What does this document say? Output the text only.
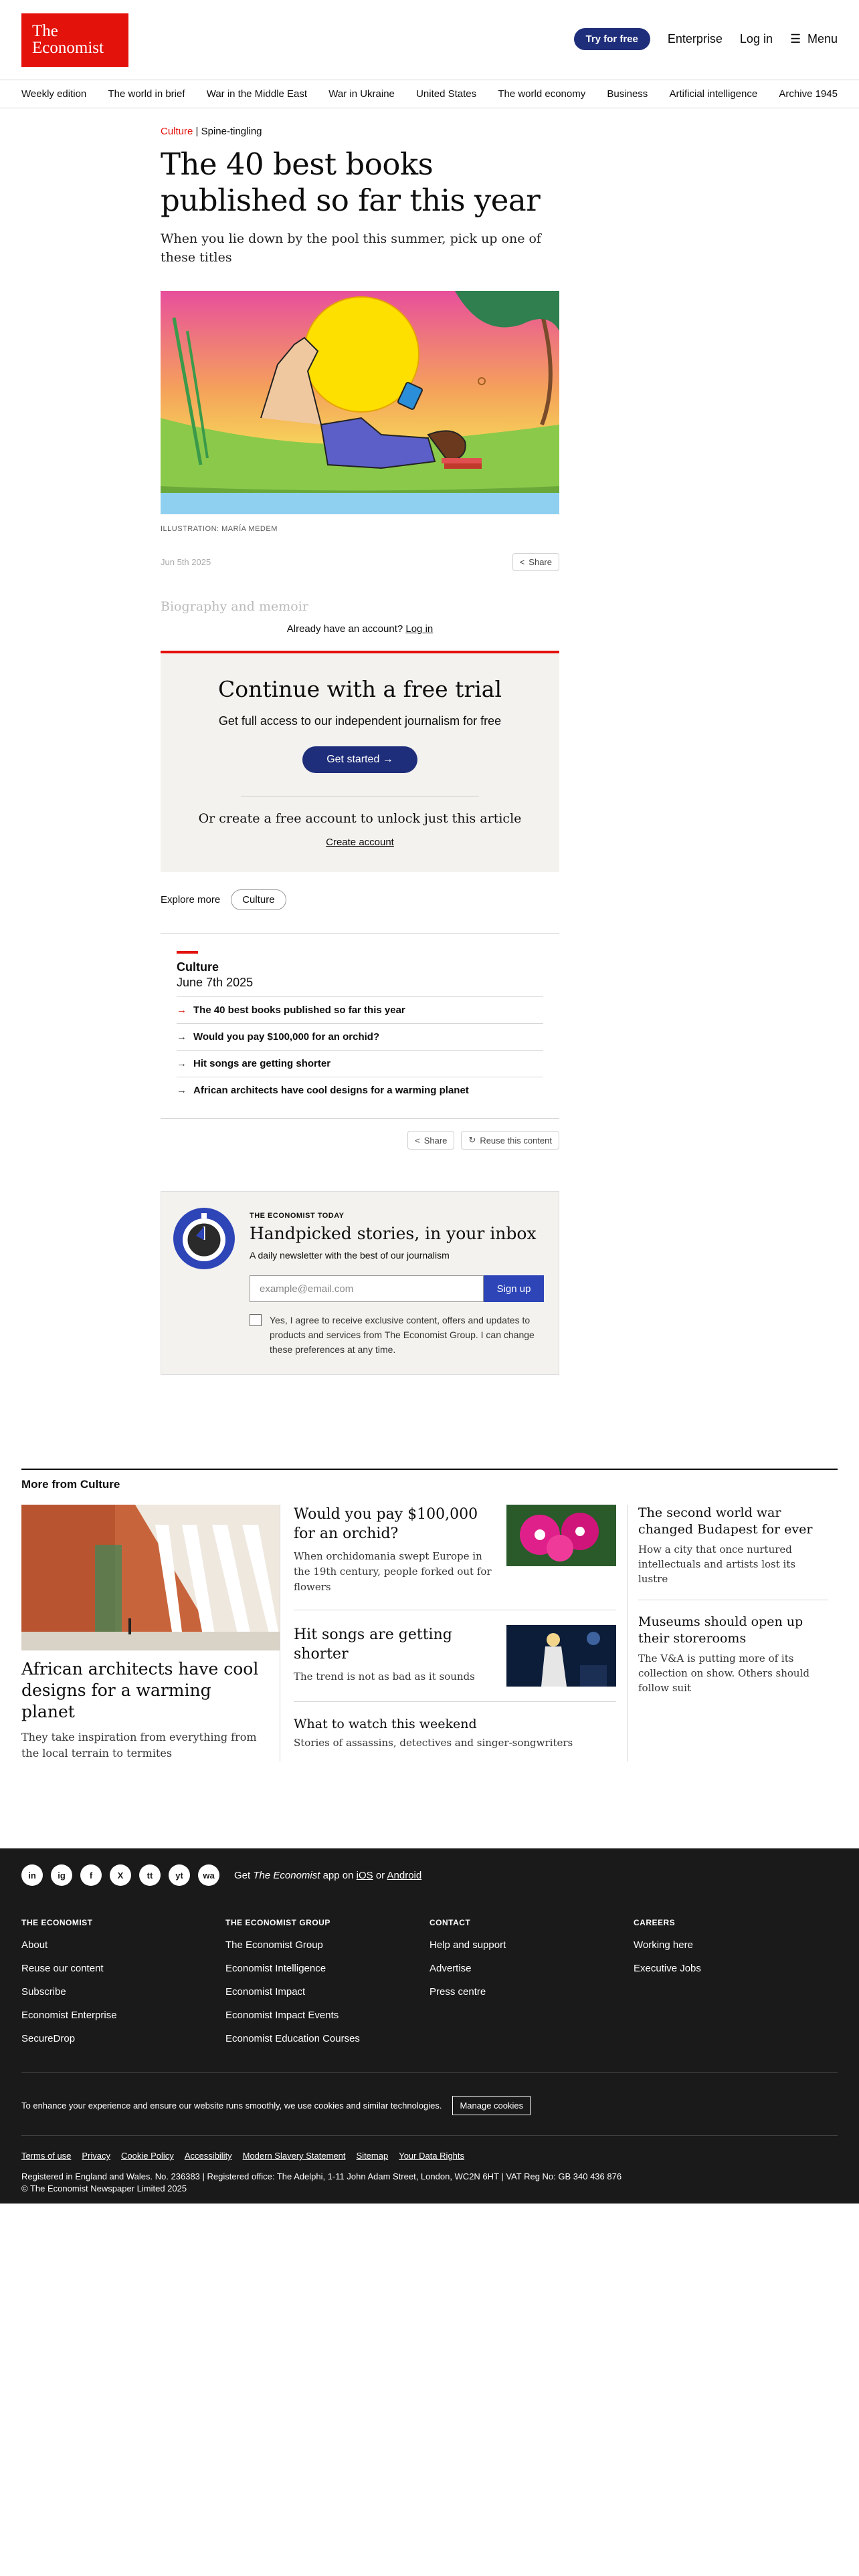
The
Economist	Try for free	Enterprise Log in ☰ Menu
Weekly edition The world in brief War in the Middle East War in Ukraine United States The world economy Business Artificial intelligence Archive 1945
Culture | Spine-tingling
The 40 best books published so far this year

When you lie down by the pool this summer, pick up one of these titles

ILLUSTRATION: MARÍA MEDEM
Jun 5th 2025	< Share
Biography and memoir
Already have an account? Log in
Continue with a free trial

Get full access to our independent journalism for free

Get started →
Or create a free account to unlock just this article
Create account
Explore more	Culture
Culture
June 7th 2025
→ The 40 best books published so far this year
→ Would you pay $100,000 for an orchid?
→ Hit songs are getting shorter
→ African architects have cool designs for a warming planet
< Share ↻ Reuse this content
THE ECONOMIST TODAY
Handpicked stories, in your inbox
A daily newsletter with the best of our journalism
example@email.com	Sign up
Yes, I agree to receive exclusive content, offers and updates to products and services from The Economist Group. I can change these preferences at any time.
More from Culture
African architects have cool designs for a warming planet
They take inspiration from everything from the local terrain to termites
Would you pay $100,000 for an orchid?
When orchidomania swept Europe in the 19th century, people forked out for flowers
Hit songs are getting shorter
The trend is not as bad as it sounds
What to watch this weekend
Stories of assassins, detectives and singer-songwriters
The second world war changed Budapest for ever
How a city that once nurtured intellectuals and artists lost its lustre
Museums should open up their storerooms
The V&A is putting more of its collection on show. Others should follow suit
in	ig	f	X	tt	yt	wa	Get The Economist app on iOS or Android
THE ECONOMIST
About
Reuse our content
Subscribe
Economist Enterprise
SecureDrop
THE ECONOMIST GROUP
The Economist Group
Economist Intelligence
Economist Impact
Economist Impact Events
Economist Education Courses
CONTACT
Help and support
Advertise
Press centre
CAREERS
Working here
Executive Jobs
To enhance your experience and ensure our website runs smoothly, we use cookies and similar technologies.	Manage cookies
Terms of use Privacy Cookie Policy Accessibility Modern Slavery Statement Sitemap Your Data Rights
Registered in England and Wales. No. 236383 | Registered office: The Adelphi, 1-11 John Adam Street, London, WC2N 6HT | VAT Reg No: GB 340 436 876
© The Economist Newspaper Limited 2025
